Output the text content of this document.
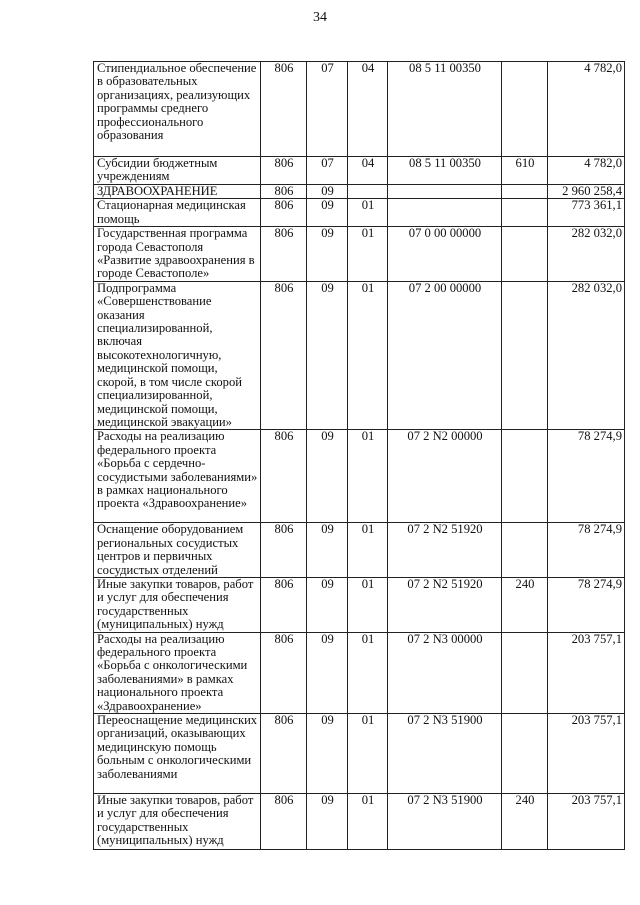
34
Стипендиальное обеспечение в образовательных организациях, реализующих программы среднего профессионального образования	806	07	04	08 5 11 00350		4 782,0
Субсидии бюджетным учреждениям	806	07	04	08 5 11 00350	610	4 782,0
ЗДРАВООХРАНЕНИЕ	806	09				2 960 258,4
Стационарная медицинская помощь	806	09	01			773 361,1
Государственная программа города Севастополя «Развитие здравоохранения в городе Севастополе»	806	09	01	07 0 00 00000		282 032,0
Подпрограмма «Совершенствование оказания специализированной, включая высокотехнологичную, медицинской помощи, скорой, в том числе скорой специализированной, медицинской помощи, медицинской эвакуации»	806	09	01	07 2 00 00000		282 032,0
Расходы на реализацию федерального проекта «Борьба с сердечно-сосудистыми заболеваниями» в рамках национального проекта «Здравоохранение»	806	09	01	07 2 N2 00000		78 274,9
Оснащение оборудованием региональных сосудистых центров и первичных сосудистых отделений	806	09	01	07 2 N2 51920		78 274,9
Иные закупки товаров, работ и услуг для обеспечения государственных (муниципальных) нужд	806	09	01	07 2 N2 51920	240	78 274,9
Расходы на реализацию федерального проекта «Борьба с онкологическими заболеваниями» в рамках национального проекта «Здравоохранение»	806	09	01	07 2 N3 00000		203 757,1
Переоснащение медицинских организаций, оказывающих медицинскую помощь больным с онкологическими заболеваниями	806	09	01	07 2 N3 51900		203 757,1
Иные закупки товаров, работ и услуг для обеспечения государственных (муниципальных) нужд	806	09	01	07 2 N3 51900	240	203 757,1
